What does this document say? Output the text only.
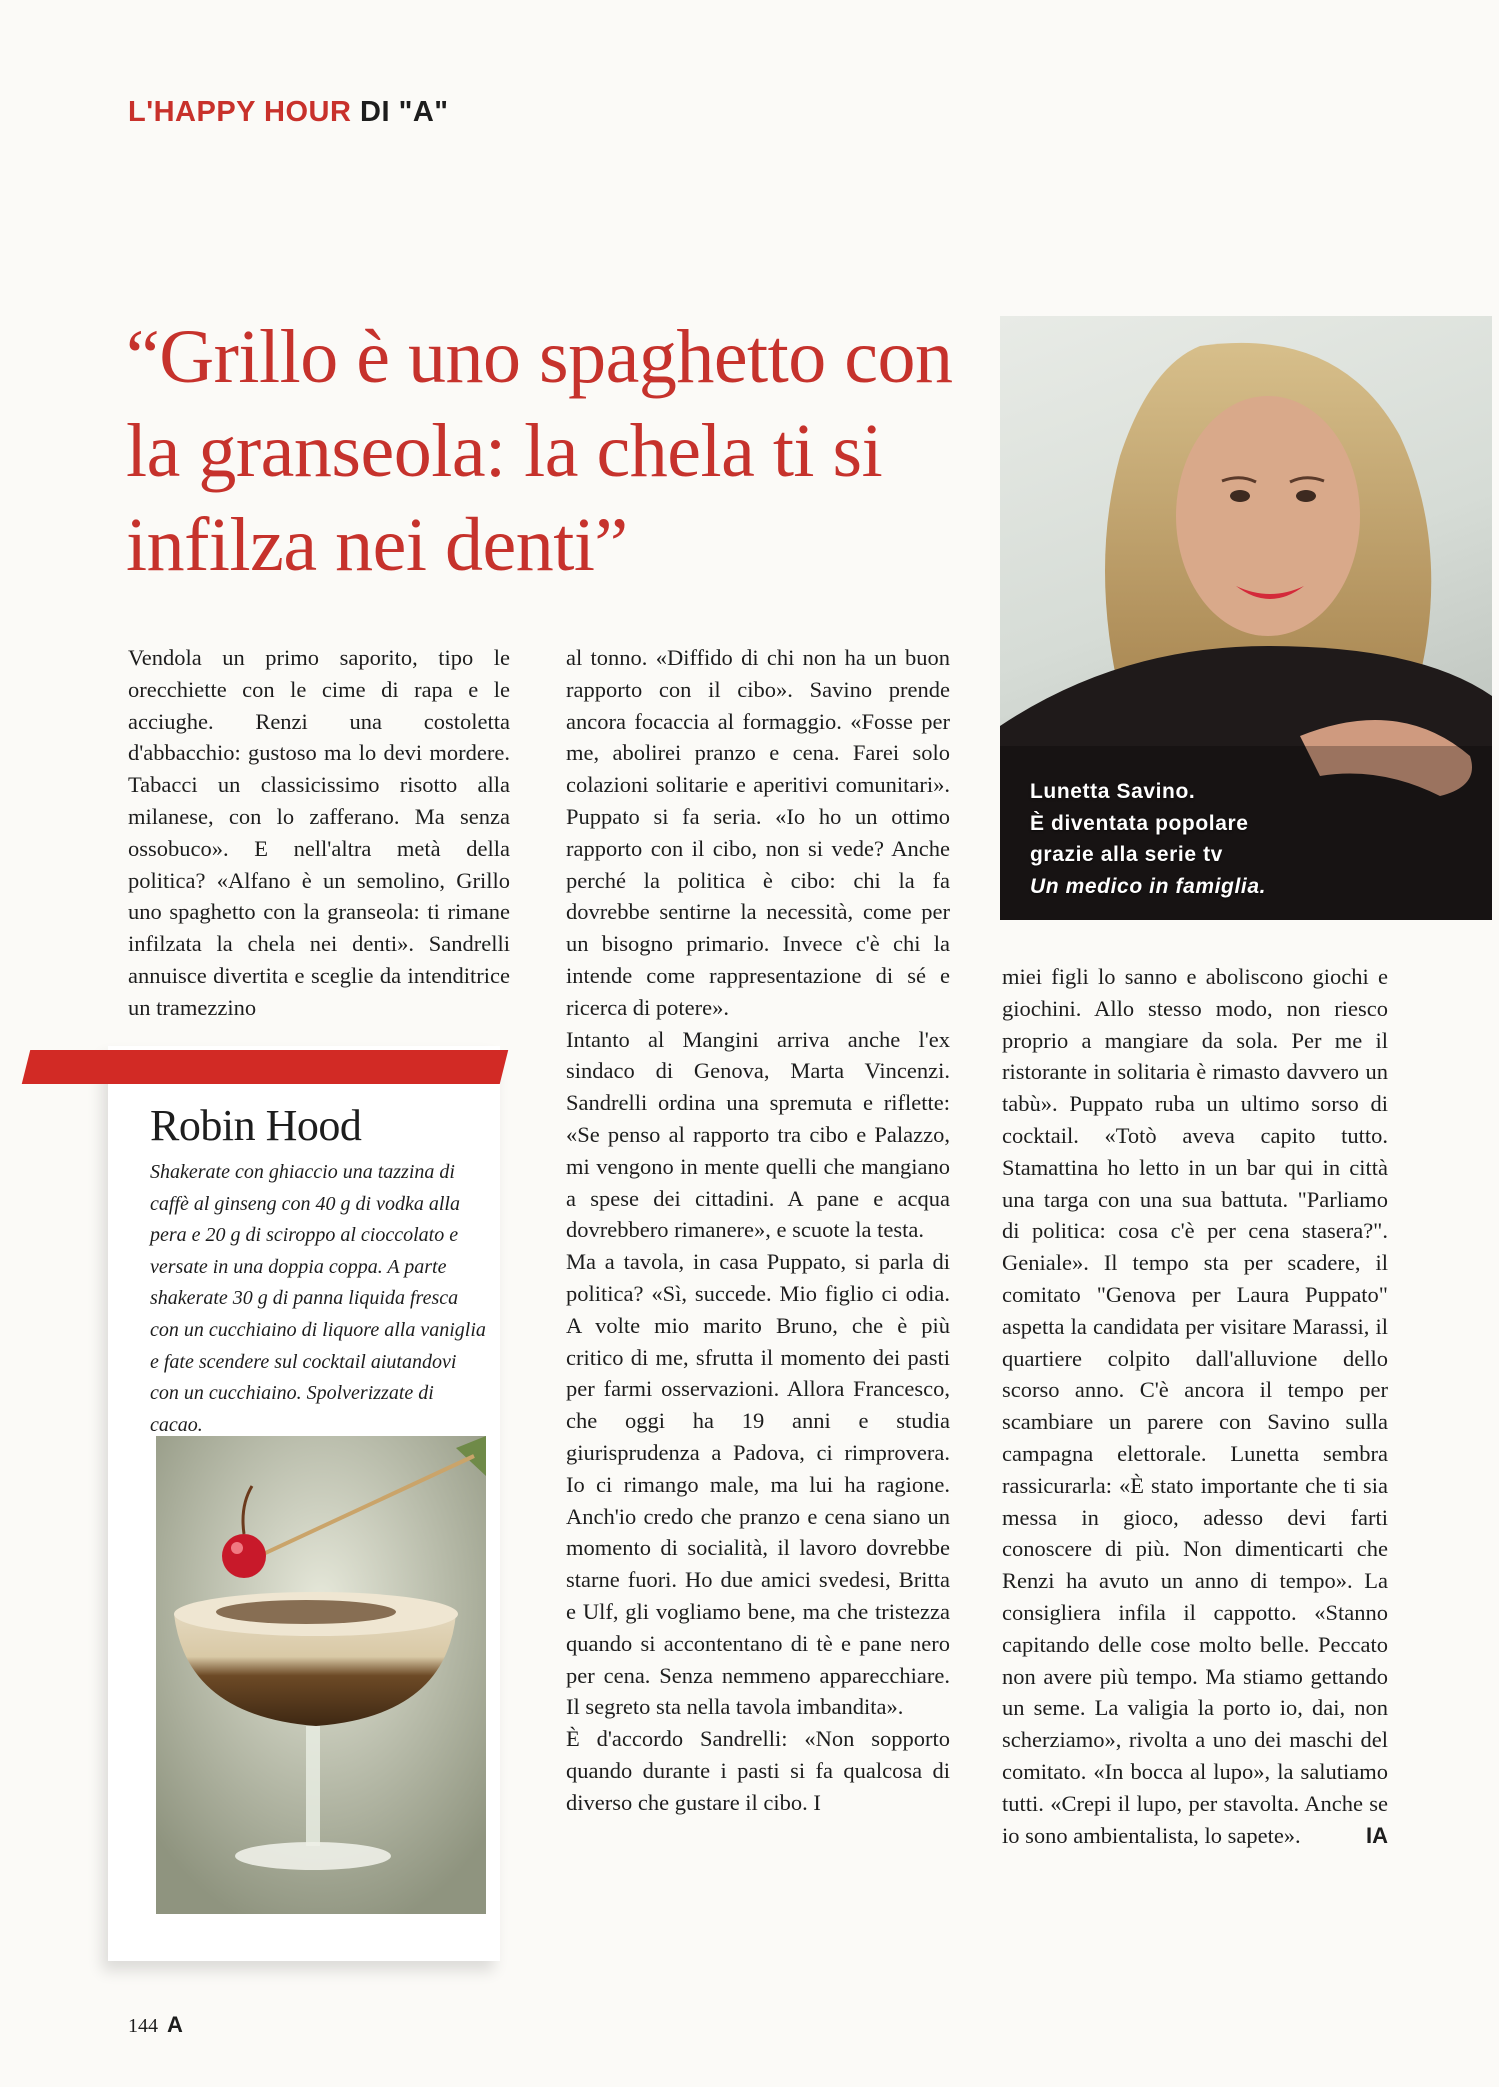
L'HAPPY HOUR DI "A"
“Grillo è uno spaghetto con la granseola: la chela ti si infilza nei denti”

Vendola un primo saporito, tipo le orecchiette con le cime di rapa e le acciughe. Renzi una costoletta d'abbacchio: gustoso ma lo devi mordere. Tabacci un classicissimo risotto alla milanese, con lo zafferano. Ma senza ossobuco». E nell'altra metà della politica? «Alfano è un semolino, Grillo uno spaghetto con la granseola: ti rimane infilzata la chela nei denti». Sandrelli annuisce divertita e sceglie da intenditrice un tramezzino

al tonno. «Diffido di chi non ha un buon rapporto con il cibo». Savino prende ancora focaccia al formaggio. «Fosse per me, abolirei pranzo e cena. Farei solo colazioni solitarie e aperitivi comunitari». Puppato si fa seria. «Io ho un ottimo rapporto con il cibo, non si vede? Anche perché la politica è cibo: chi la fa dovrebbe sentirne la necessità, come per un bisogno primario. Invece c'è chi la intende come rappresentazione di sé e ricerca di potere».

Intanto al Mangini arriva anche l'ex sindaco di Genova, Marta Vincenzi. Sandrelli ordina una spremuta e riflette: «Se penso al rapporto tra cibo e Palazzo, mi vengono in mente quelli che mangiano a spese dei cittadini. A pane e acqua dovrebbero rimanere», e scuote la testa.

Ma a tavola, in casa Puppato, si parla di politica? «Sì, succede. Mio figlio ci odia. A volte mio marito Bruno, che è più critico di me, sfrutta il momento dei pasti per farmi osservazioni. Allora Francesco, che oggi ha 19 anni e studia giurisprudenza a Padova, ci rimprovera. Io ci rimango male, ma lui ha ragione. Anch'io credo che pranzo e cena siano un momento di socialità, il lavoro dovrebbe starne fuori. Ho due amici svedesi, Britta e Ulf, gli vogliamo bene, ma che tristezza quando si accontentano di tè e pane nero per cena. Senza nemmeno apparecchiare. Il segreto sta nella tavola imbandita».

È d'accordo Sandrelli: «Non sopporto quando durante i pasti si fa qualcosa di diverso che gustare il cibo. I

miei figli lo sanno e aboliscono giochi e giochini. Allo stesso modo, non riesco proprio a mangiare da sola. Per me il ristorante in solitaria è rimasto davvero un tabù». Puppato ruba un ultimo sorso di cocktail. «Totò aveva capito tutto. Stamattina ho letto in un bar qui in città una targa con una sua battuta. "Parliamo di politica: cosa c'è per cena stasera?". Geniale». Il tempo sta per scadere, il comitato "Genova per Laura Puppato" aspetta la candidata per visitare Marassi, il quartiere colpito dall'alluvione dello scorso anno. C'è ancora il tempo per scambiare un parere con Savino sulla campagna elettorale. Lunetta sembra rassicurarla: «È stato importante che ti sia messa in gioco, adesso devi farti conoscere di più. Non dimenticarti che Renzi ha avuto un anno di tempo». La consigliera infila il cappotto. «Stanno capitando delle cose molto belle. Peccato non avere più tempo. Ma stiamo gettando un seme. La valigia la porto io, dai, non scherziamo», rivolta a uno dei maschi del comitato. «In bocca al lupo», la salutiamo tutti. «Crepi il lupo, per stavolta. Anche se io sono ambientalista, lo sapete».	IA

Robin Hood
Shakerate con ghiaccio una tazzina di caffè al ginseng con 40 g di vodka alla pera e 20 g di sciroppo al cioccolato e versate in una doppia coppa. A parte shakerate 30 g di panna liquida fresca con un cucchiaino di liquore alla vaniglia e fate scendere sul cocktail aiutandovi con un cucchiaino. Spolverizzate di cacao.
Lunetta Savino.
È diventata popolare
grazie alla serie tv
Un medico in famiglia.
144 A
